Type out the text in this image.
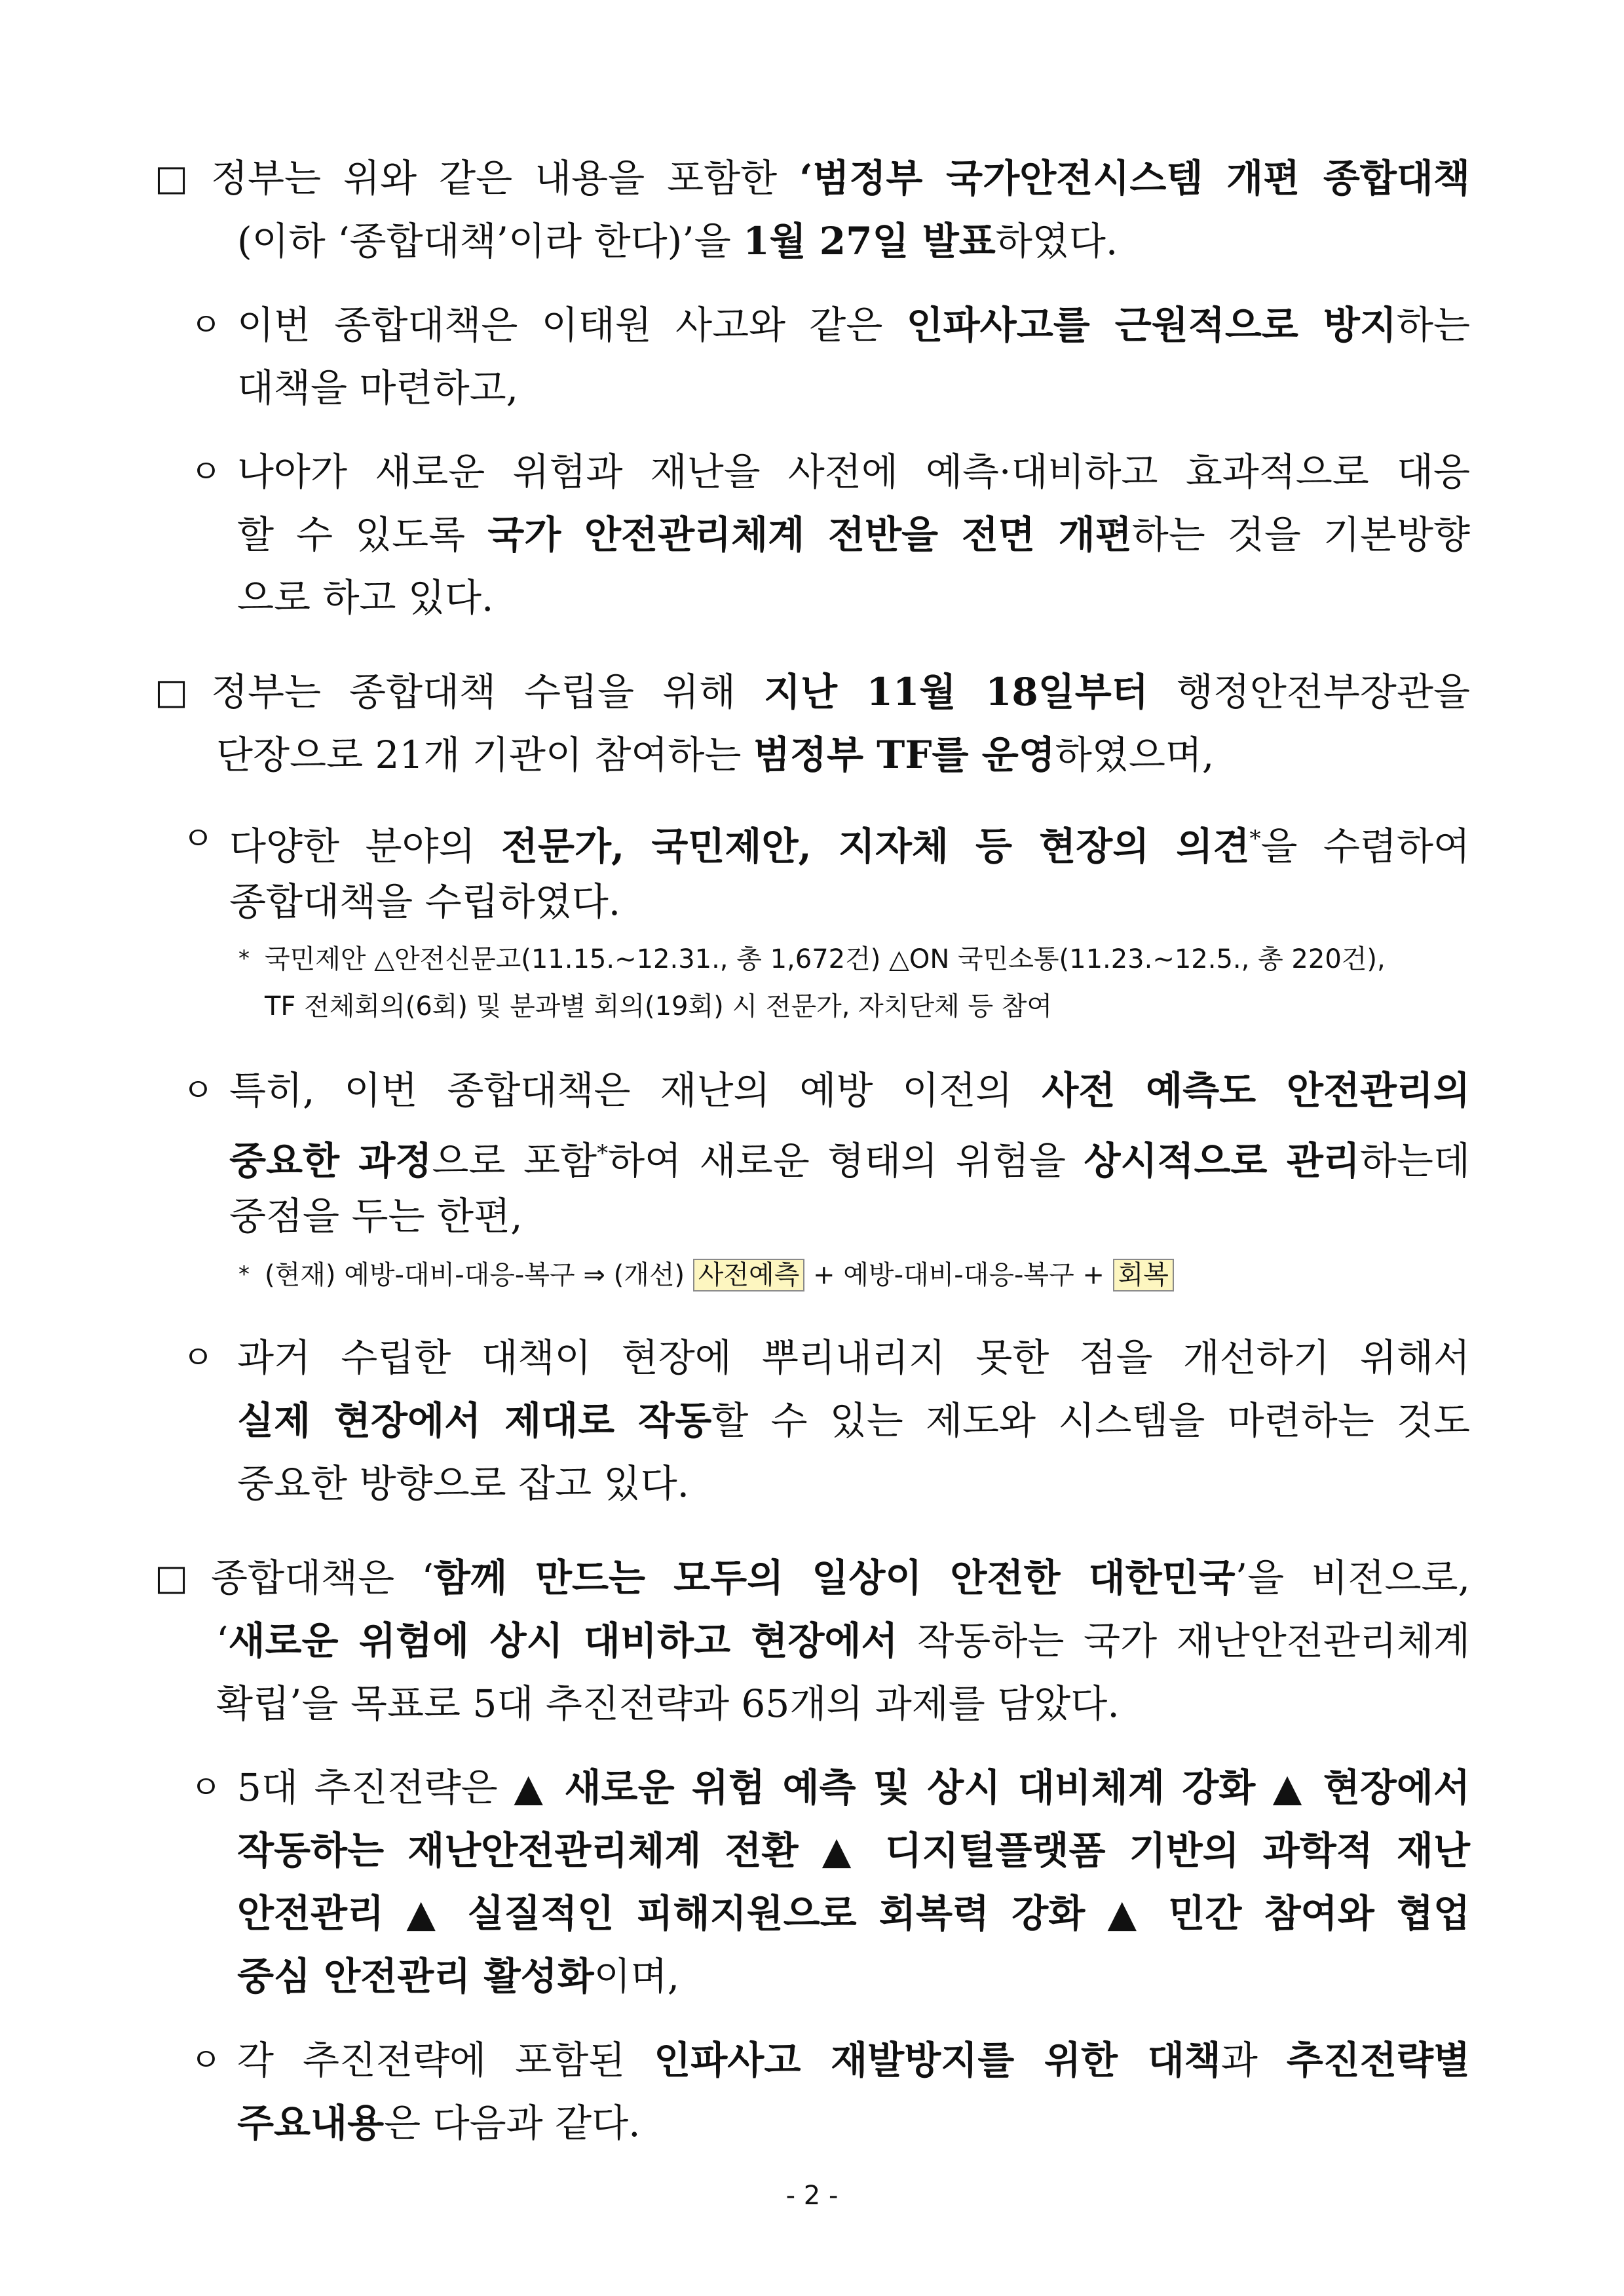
□ 정부는 위와 같은 내용을 포함한 ‘범정부 국가안전시스템 개편 종합대책
(이하 ‘종합대책’이라 한다)’을 1월 27일 발표하였다.
ㅇ 이번 종합대책은 이태원 사고와 같은 인파사고를 근원적으로 방지하는
대책을 마련하고,
ㅇ 나아가 새로운 위험과 재난을 사전에 예측·대비하고 효과적으로 대응
할 수 있도록 국가 안전관리체계 전반을 전면 개편하는 것을 기본방향
으로 하고 있다.
□ 정부는 종합대책 수립을 위해 지난 11월 18일부터 행정안전부장관을
단장으로 21개 기관이 참여하는 범정부 TF를 운영하였으며,
ㅇ 다양한 분야의 전문가, 국민제안, 지자체 등 현장의 의견*을 수렴하여
종합대책을 수립하였다.
* 국민제안 △안전신문고(11.15.~12.31., 총 1,672건) △ON 국민소통(11.23.~12.5., 총 220건),
TF 전체회의(6회) 및 분과별 회의(19회) 시 전문가, 자치단체 등 참여
ㅇ 특히, 이번 종합대책은 재난의 예방 이전의 사전 예측도 안전관리의
중요한 과정으로 포함*하여 새로운 형태의 위험을 상시적으로 관리하는데
중점을 두는 한편,
* (현재) 예방-대비-대응-복구 ⇒ (개선) 사전예측 + 예방-대비-대응-복구 + 회복
ㅇ 과거 수립한 대책이 현장에 뿌리내리지 못한 점을 개선하기 위해서
실제 현장에서 제대로 작동할 수 있는 제도와 시스템을 마련하는 것도
중요한 방향으로 잡고 있다.
□ 종합대책은 ‘함께 만드는 모두의 일상이 안전한 대한민국’을 비전으로,
‘새로운 위험에 상시 대비하고 현장에서 작동하는 국가 재난안전관리체계
확립’을 목표로 5대 추진전략과 65개의 과제를 담았다.
ㅇ 5대 추진전략은 ▲ 새로운 위험 예측 및 상시 대비체계 강화 ▲ 현장에서
작동하는 재난안전관리체계 전환 ▲ 디지털플랫폼 기반의 과학적 재난
안전관리 ▲ 실질적인 피해지원으로 회복력 강화 ▲ 민간 참여와 협업
중심 안전관리 활성화이며,
ㅇ 각 추진전략에 포함된 인파사고 재발방지를 위한 대책과 추진전략별
주요내용은 다음과 같다.
- 2 -
